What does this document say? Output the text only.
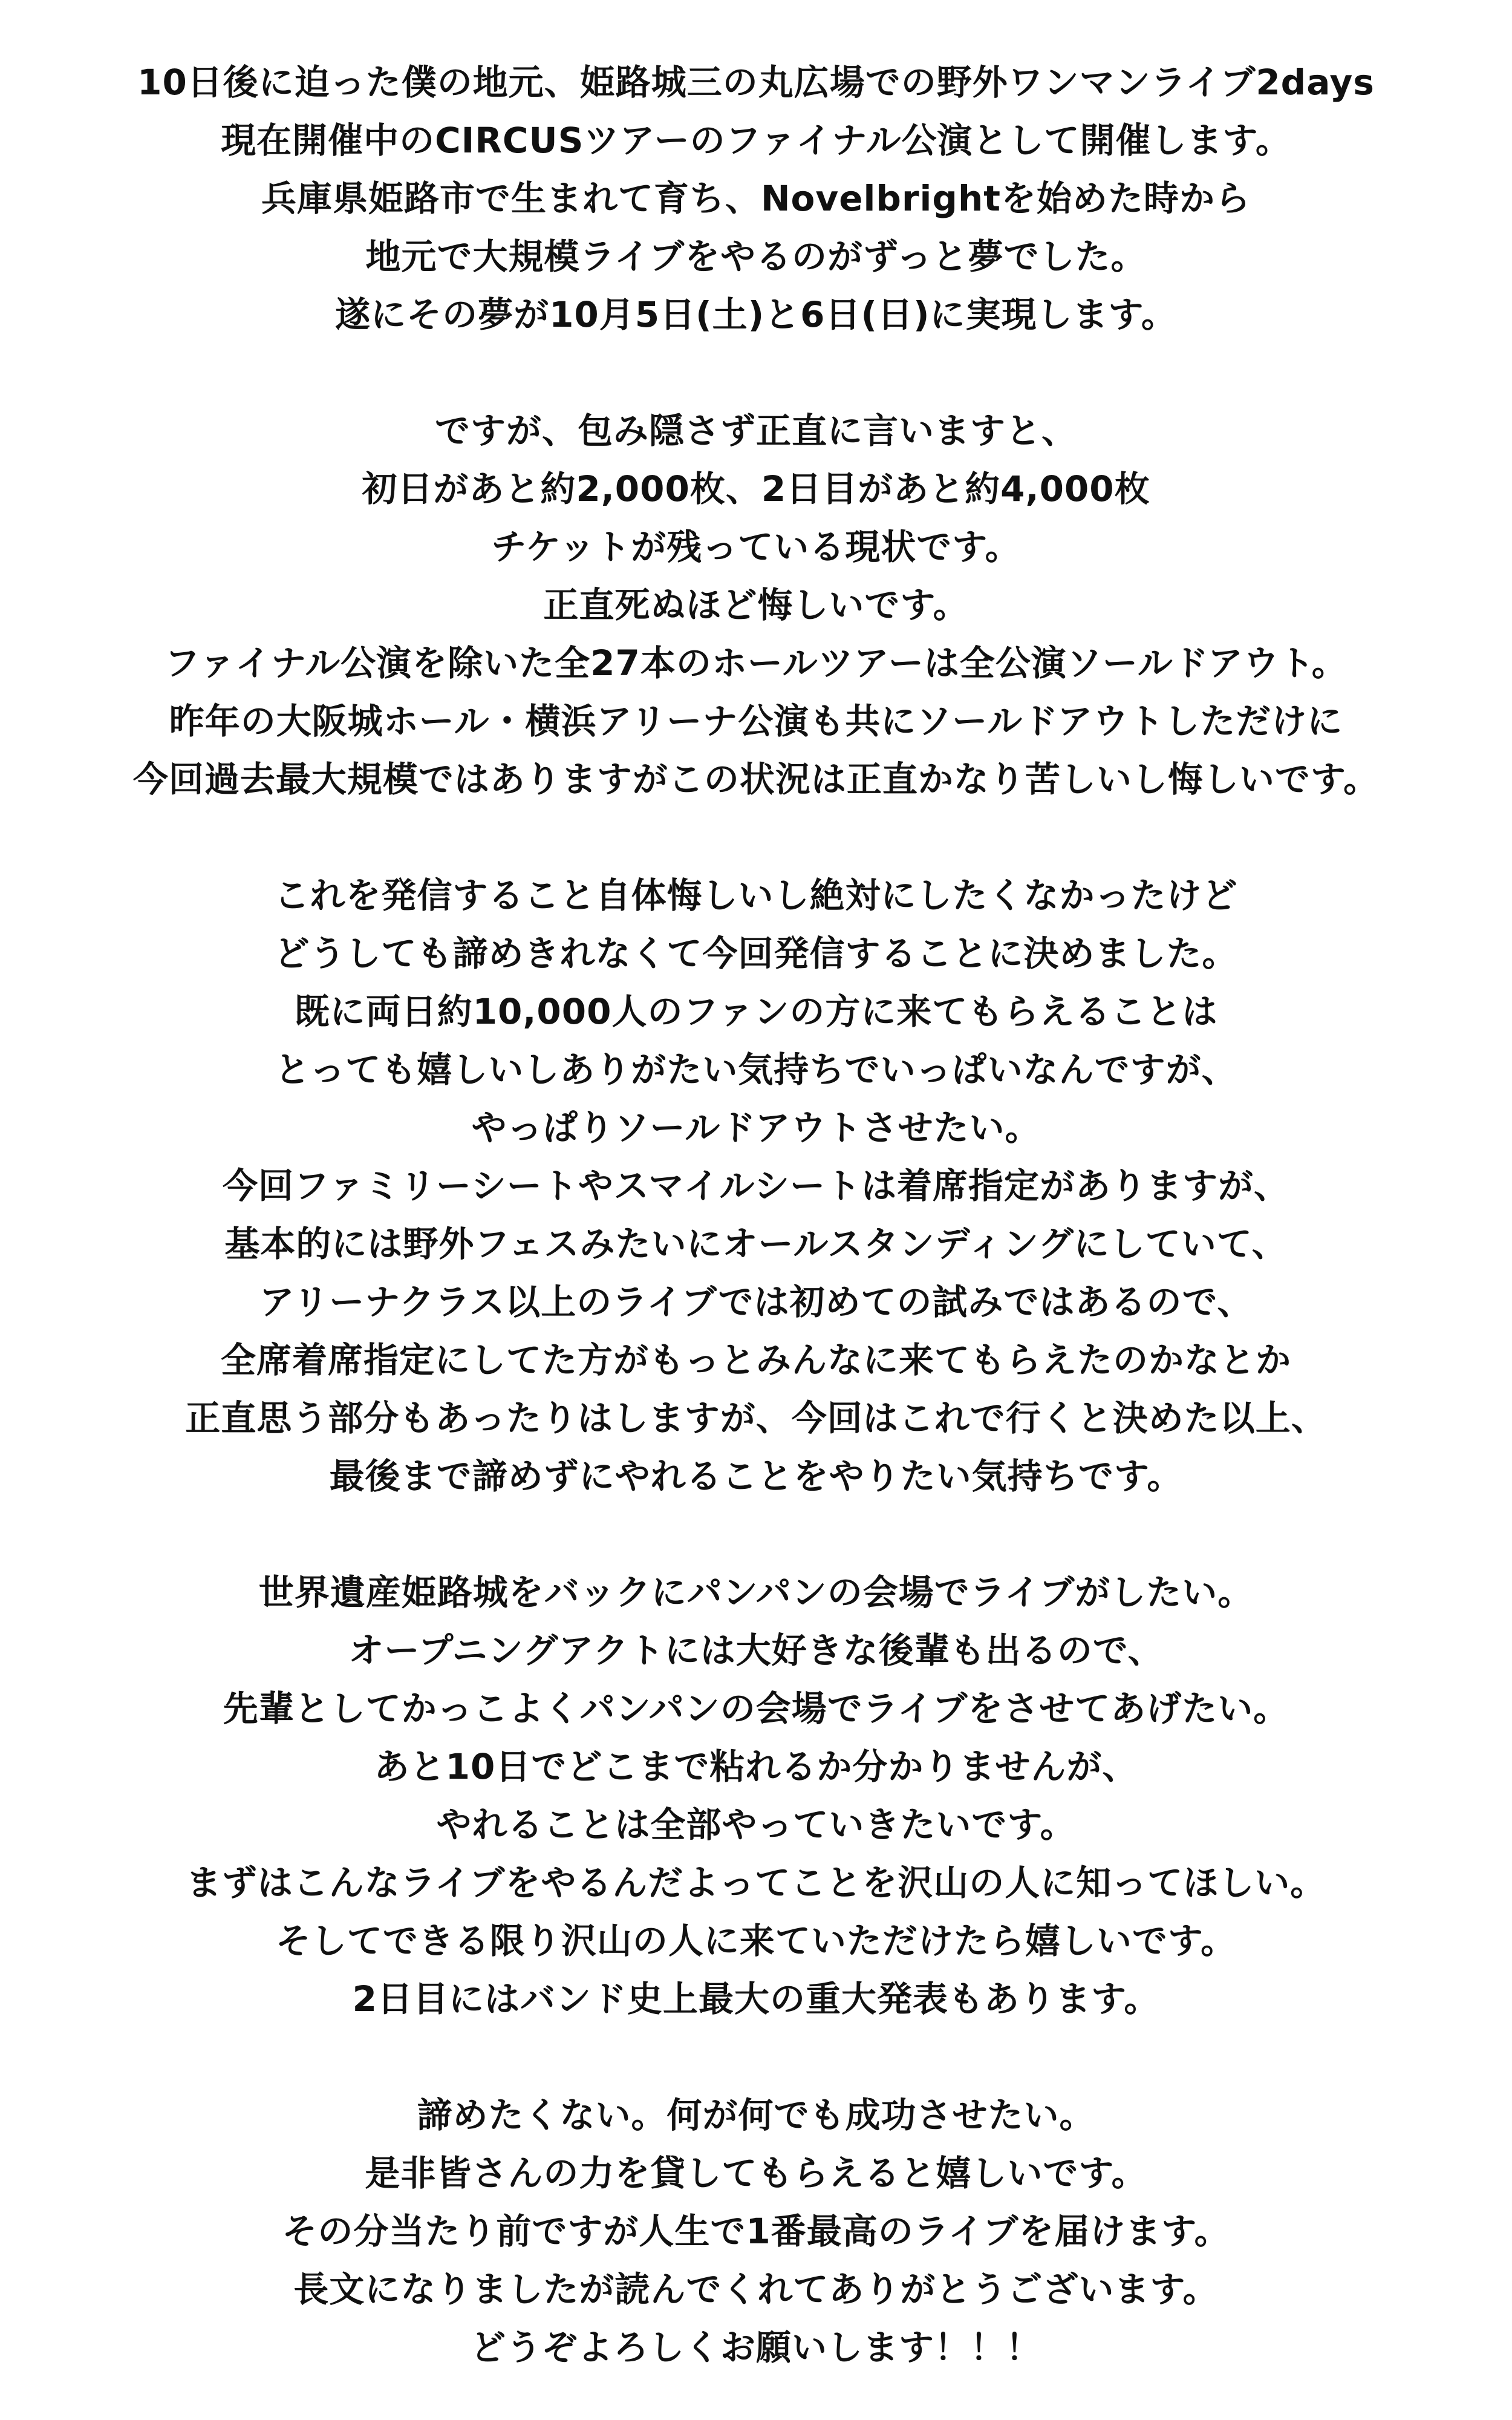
10日後に迫った僕の地元、姫路城三の丸広場での野外ワンマンライブ2days
現在開催中のCIRCUSツアーのファイナル公演として開催します。
兵庫県姫路市で生まれて育ち、Novelbrightを始めた時から
地元で大規模ライブをやるのがずっと夢でした。
遂にその夢が10月5日(土)と6日(日)に実現します。
ですが、包み隠さず正直に言いますと、
初日があと約2,000枚、2日目があと約4,000枚
チケットが残っている現状です。
正直死ぬほど悔しいです。
ファイナル公演を除いた全27本のホールツアーは全公演ソールドアウト。
昨年の大阪城ホール・横浜アリーナ公演も共にソールドアウトしただけに
今回過去最大規模ではありますがこの状況は正直かなり苦しいし悔しいです。
これを発信すること自体悔しいし絶対にしたくなかったけど
どうしても諦めきれなくて今回発信することに決めました。
既に両日約10,000人のファンの方に来てもらえることは
とっても嬉しいしありがたい気持ちでいっぱいなんですが、
やっぱりソールドアウトさせたい。
今回ファミリーシートやスマイルシートは着席指定がありますが、
基本的には野外フェスみたいにオールスタンディングにしていて、
アリーナクラス以上のライブでは初めての試みではあるので、
全席着席指定にしてた方がもっとみんなに来てもらえたのかなとか
正直思う部分もあったりはしますが、今回はこれで行くと決めた以上、
最後まで諦めずにやれることをやりたい気持ちです。
世界遺産姫路城をバックにパンパンの会場でライブがしたい。
オープニングアクトには大好きな後輩も出るので、
先輩としてかっこよくパンパンの会場でライブをさせてあげたい。
あと10日でどこまで粘れるか分かりませんが、
やれることは全部やっていきたいです。
まずはこんなライブをやるんだよってことを沢山の人に知ってほしい。
そしてできる限り沢山の人に来ていただけたら嬉しいです。
2日目にはバンド史上最大の重大発表もあります。
諦めたくない。何が何でも成功させたい。
是非皆さんの力を貸してもらえると嬉しいです。
その分当たり前ですが人生で1番最高のライブを届けます。
長文になりましたが読んでくれてありがとうございます。
どうぞよろしくお願いします！！！
